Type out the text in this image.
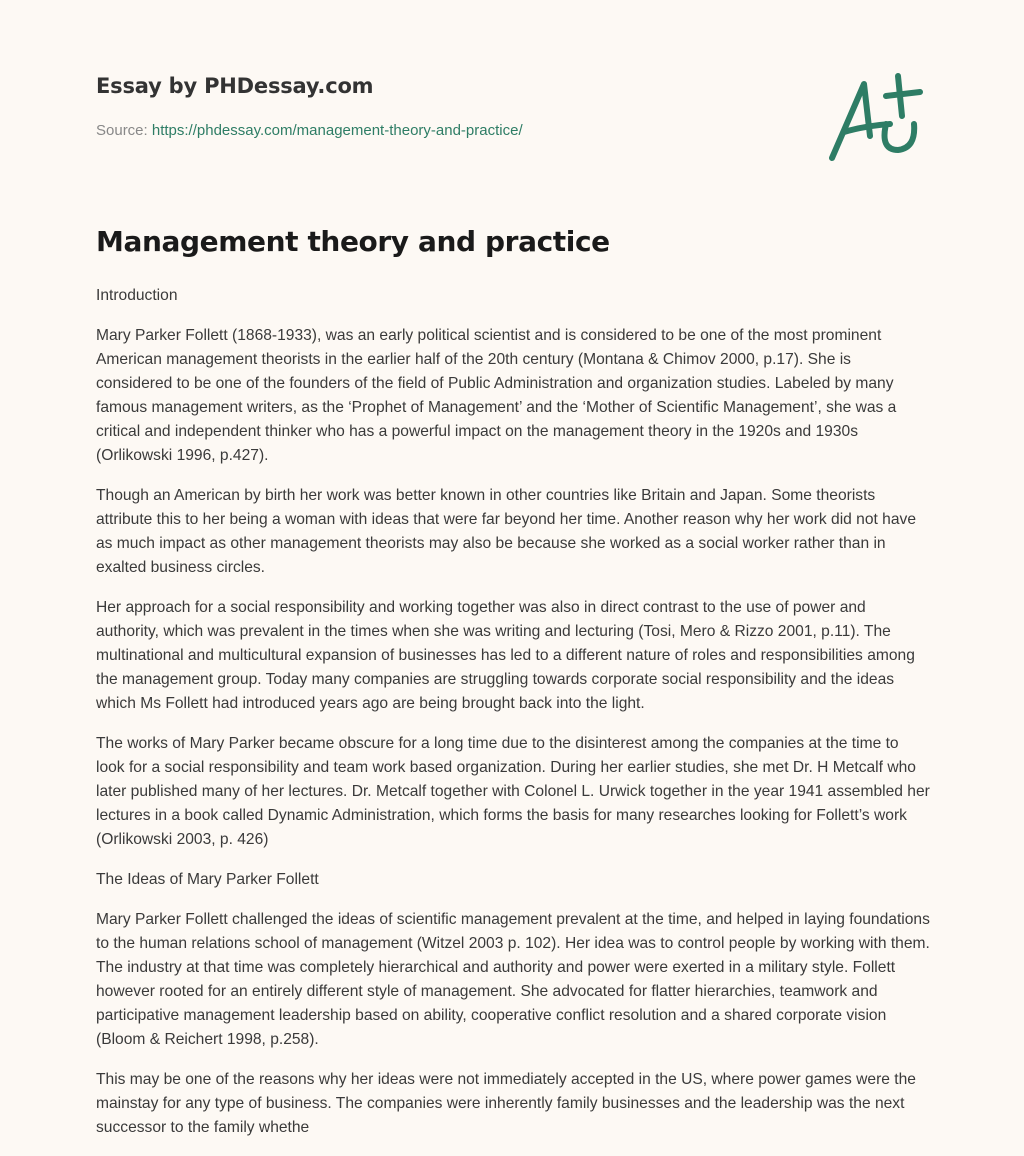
Essay by PHDessay.com
Source: https://phdessay.com/management-theory-and-practice/
Management theory and practice

Introduction

Mary Parker Follett (1868-1933), was an early political scientist and is considered to be one of the most prominent American management theorists in the earlier half of the 20th century (Montana & Chimov 2000, p.17). She is considered to be one of the founders of the field of Public Administration and organization studies. Labeled by many famous management writers, as the ‘Prophet of Management’ and the ‘Mother of Scientific Management’, she was a critical and independent thinker who has a powerful impact on the management theory in the 1920s and 1930s (Orlikowski 1996, p.427).

Though an American by birth her work was better known in other countries like Britain and Japan. Some theorists attribute this to her being a woman with ideas that were far beyond her time. Another reason why her work did not have as much impact as other management theorists may also be because she worked as a social worker rather than in exalted business circles.

Her approach for a social responsibility and working together was also in direct contrast to the use of power and authority, which was prevalent in the times when she was writing and lecturing (Tosi, Mero & Rizzo 2001, p.11). The multinational and multicultural expansion of businesses has led to a different nature of roles and responsibilities among the management group. Today many companies are struggling towards corporate social responsibility and the ideas which Ms Follett had introduced years ago are being brought back into the light.

The works of Mary Parker became obscure for a long time due to the disinterest among the companies at the time to look for a social responsibility and team work based organization. During her earlier studies, she met Dr. H Metcalf who later published many of her lectures. Dr. Metcalf together with Colonel L. Urwick together in the year 1941 assembled her lectures in a book called Dynamic Administration, which forms the basis for many researches looking for Follett’s work (Orlikowski 2003, p. 426)

The Ideas of Mary Parker Follett

Mary Parker Follett challenged the ideas of scientific management prevalent at the time, and helped in laying foundations to the human relations school of management (Witzel 2003 p. 102). Her idea was to control people by working with them. The industry at that time was completely hierarchical and authority and power were exerted in a military style. Follett however rooted for an entirely different style of management. She advocated for flatter hierarchies, teamwork and participative management leadership based on ability, cooperative conflict resolution and a shared corporate vision (Bloom & Reichert 1998, p.258).

This may be one of the reasons why her ideas were not immediately accepted in the US, where power games were the mainstay for any type of business. The companies were inherently family businesses and the leadership was the next successor to the family whethe
